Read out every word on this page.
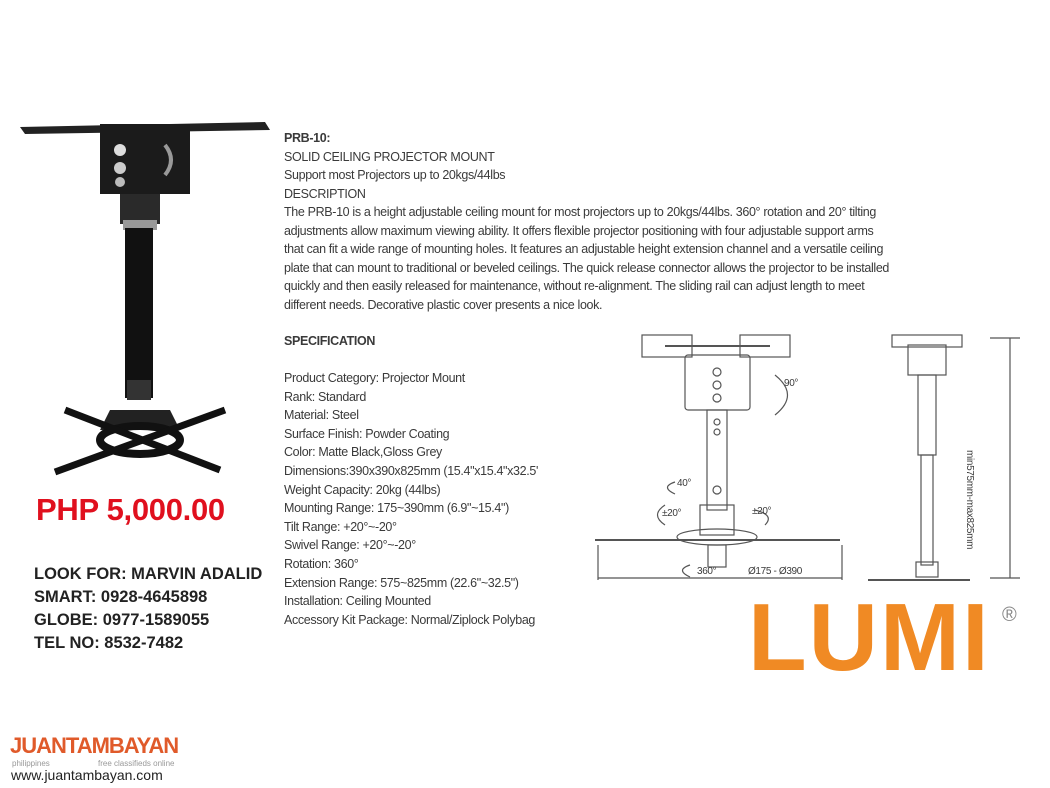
PRB-10:
SOLID CEILING PROJECTOR MOUNT
Support most Projectors up to 20kgs/44lbs
DESCRIPTION
The PRB-10 is a height adjustable ceiling mount for most projectors up to 20kgs/44lbs. 360° rotation and 20° tilting
adjustments allow maximum viewing ability. It offers flexible projector positioning with four adjustable support arms
that can fit a wide range of mounting holes. It features an adjustable height extension channel and a versatile ceiling
plate that can mount to traditional or beveled ceilings. The quick release connector allows the projector to be installed
quickly and then easily released for maintenance, without re-alignment. The sliding rail can adjust length to meet
different needs. Decorative plastic cover presents a nice look.
SPECIFICATION
Product Category: Projector Mount
Rank: Standard
Material: Steel
Surface Finish: Powder Coating
Color: Matte Black,Gloss Grey
Dimensions:390x390x825mm (15.4"x15.4"x32.5'
Weight Capacity: 20kg (44lbs)
Mounting Range: 175~390mm (6.9"~15.4")
Tilt Range: +20°~-20°
Swivel Range: +20°~-20°
Rotation: 360°
Extension Range: 575~825mm (22.6"~32.5")
Installation: Ceiling Mounted
Accessory Kit Package: Normal/Ziplock Polybag
PHP 5,000.00
LOOK FOR: MARVIN ADALID
SMART: 0928-4645898
GLOBE: 0977-1589055
TEL NO: 8532-7482
90°
40°
±20°	±20°
360°	Ø175 - Ø390
min575mm-max825mm
LUMI ®
JUANTAMBAYAN
philippines	free classifieds online
www.juantambayan.com
